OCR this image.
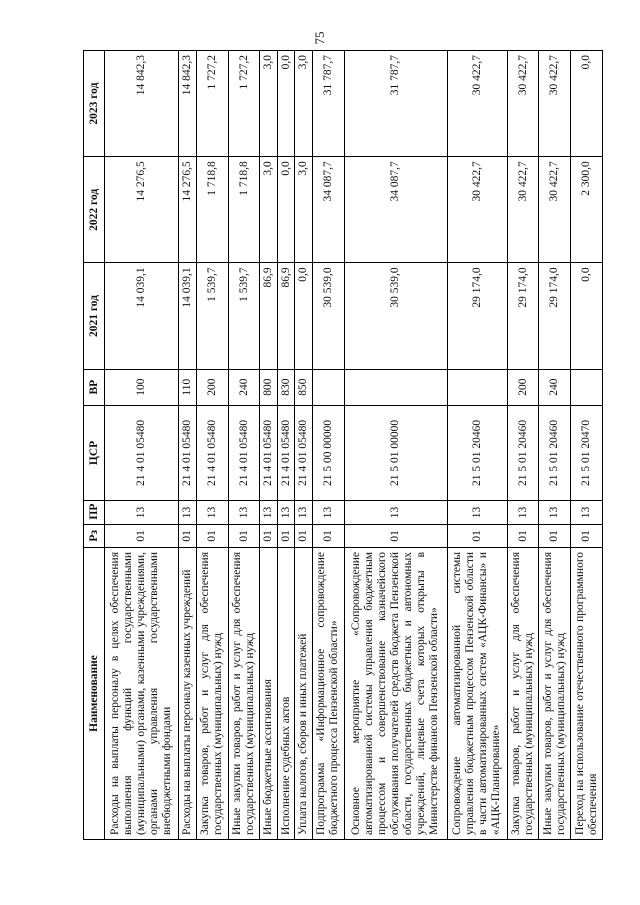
75
Наименование	Рз	ПР	ЦСР	ВР	2021 год	2022 год	2023 год
Расходы на выплаты персоналу в целях обеспечения выполнения функций государственными (муниципальными) органами, казенными учреждениями, органами управления государственными внебюджетными фондами	01	13	21 4 01 05480	100	14 039,1	14 276,5	14 842,3
Расходы на выплаты персоналу казенных учреждений	01	13	21 4 01 05480	110	14 039,1	14 276,5	14 842,3
Закупка товаров, работ и услуг для обеспечения государственных (муниципальных) нужд	01	13	21 4 01 05480	200	1 539,7	1 718,8	1 727,2
Иные закупки товаров, работ и услуг для обеспечения государственных (муниципальных) нужд	01	13	21 4 01 05480	240	1 539,7	1 718,8	1 727,2
Иные бюджетные ассигнования	01	13	21 4 01 05480	800	86,9	3,0	3,0
Исполнение судебных актов	01	13	21 4 01 05480	830	86,9	0,0	0,0
Уплата налогов, сборов и иных платежей	01	13	21 4 01 05480	850	0,0	3,0	3,0
Подпрограмма «Информационное сопровождение бюджетного процесса Пензенской области»	01	13	21 5 00 00000		30 539,0	34 087,7	31 787,7
Основное мероприятие «Сопровождение автоматизированной системы управления бюджетным процессом и совершенствование казначейского обслуживания получателей средств бюджета Пензенской области, государственных бюджетных и автономных учреждений, лицевые счета которых открыты в Министерстве финансов Пензенской области»	01	13	21 5 01 00000		30 539,0	34 087,7	31 787,7
Сопровождение автоматизированной системы управления бюджетным процессом Пензенской области в части автоматизированных систем «АЦК-Финансы» и «АЦК-Планирование»	01	13	21 5 01 20460		29 174,0	30 422,7	30 422,7
Закупка товаров, работ и услуг для обеспечения государственных (муниципальных) нужд	01	13	21 5 01 20460	200	29 174,0	30 422,7	30 422,7
Иные закупки товаров, работ и услуг для обеспечения государственных (муниципальных) нужд	01	13	21 5 01 20460	240	29 174,0	30 422,7	30 422,7
Переход на использование отечественного программного обеспечения	01	13	21 5 01 20470		0,0	2 300,0	0,0
